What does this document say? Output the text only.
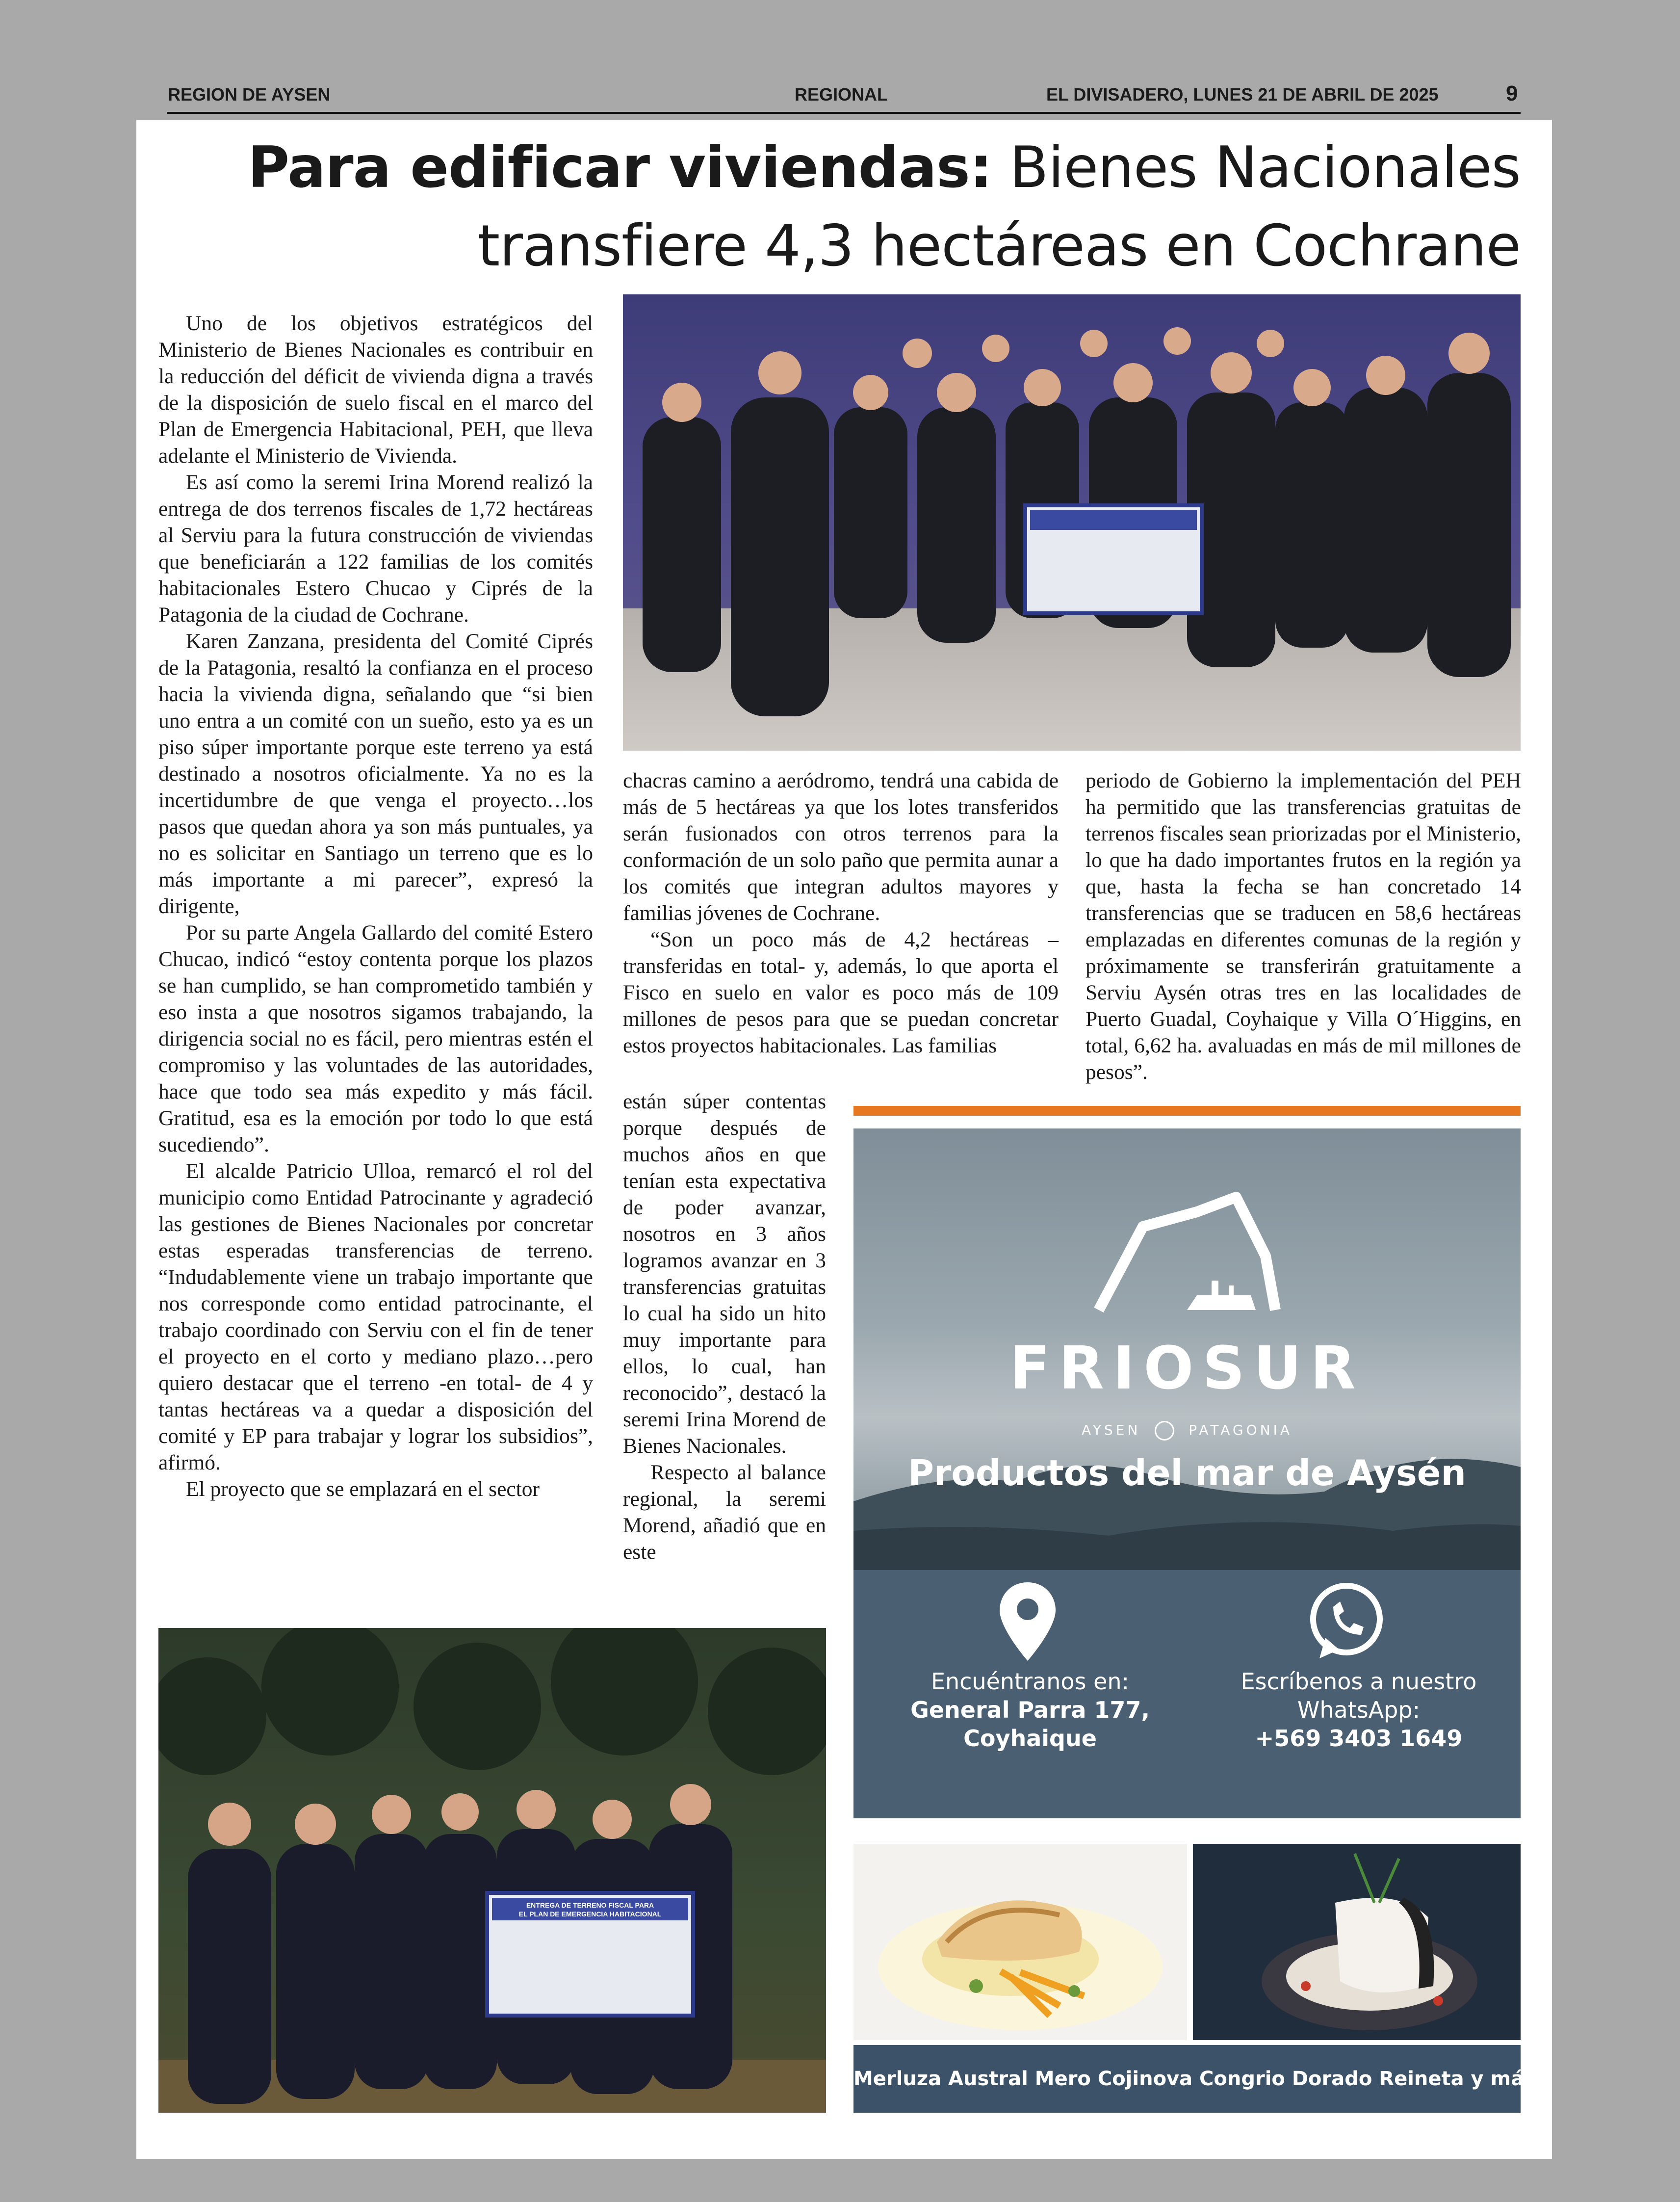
REGION DE AYSEN	REGIONAL	EL DIVISADERO, LUNES 21 DE ABRIL DE 2025	9
Para edificar viviendas: Bienes Nacionales
transfiere 4,3 hectáreas en Cochrane

Uno de los objetivos estratégicos del Ministerio de Bienes Nacionales es contribuir en la reducción del déficit de vivienda digna a través de la disposición de suelo fiscal en el marco del Plan de Emergencia Habitacional, PEH, que lleva adelante el Ministerio de Vivienda.

Es así como la seremi Irina Morend realizó la entrega de dos terrenos fiscales de 1,72 hectáreas al Serviu para la futura construcción de viviendas que beneficiarán a 122 familias de los comités habitacionales Estero Chucao y Ciprés de la Patagonia de la ciudad de Cochrane.

Karen Zanzana, presidenta del Comité Ciprés de la Patagonia, resaltó la confianza en el proceso hacia la vivienda digna, señalando que “si bien uno entra a un comité con un sueño, esto ya es un piso súper importante porque este terreno ya está destinado a nosotros oficialmente. Ya no es la incertidumbre de que venga el proyecto…los pasos que quedan ahora ya son más puntuales, ya no es solicitar en Santiago un terreno que es lo más importante a mi parecer”, expresó la dirigente,

Por su parte Angela Gallardo del comité Estero Chucao, indicó “estoy contenta porque los plazos se han cumplido, se han comprometido también y eso insta a que nosotros sigamos trabajando, la dirigencia social no es fácil, pero mientras estén el compromiso y las voluntades de las autoridades, hace que todo sea más expedito y más fácil. Gratitud, esa es la emoción por todo lo que está sucediendo”.

El alcalde Patricio Ulloa, remarcó el rol del municipio como Entidad Patrocinante y agradeció las gestiones de Bienes Nacionales por concretar estas esperadas transferencias de terreno. “Indudablemente viene un trabajo importante que nos corresponde como entidad patrocinante, el trabajo coordinado con Serviu con el fin de tener el proyecto en el corto y mediano plazo…pero quiero destacar que el terreno -en total- de 4 y tantas hectáreas va a quedar a disposición del comité y EP para trabajar y lograr los subsidios”, afirmó.

El proyecto que se emplazará en el sector

chacras camino a aeródromo, tendrá una cabida de más de 5 hectáreas ya que los lotes transferidos serán fusionados con otros terrenos para la conformación de un solo paño que permita aunar a los comités que integran adultos mayores y familias jóvenes de Cochrane.

“Son un poco más de 4,2 hectáreas –transferidas en total- y, además, lo que aporta el Fisco en suelo en valor es poco más de 109 millones de pesos para que se puedan concretar estos proyectos habitacionales. Las familias

están súper contentas porque después de muchos años en que tenían esta expectativa de poder avanzar, nosotros en 3 años logramos avanzar en 3 transferencias gratuitas lo cual ha sido un hito muy importante para ellos, lo cual, han reconocido”, destacó la seremi Irina Morend de Bienes Nacionales.

Respecto al balance regional, la seremi Morend, añadió que en este

periodo de Gobierno la implementación del PEH ha permitido que las transferencias gratuitas de terrenos fiscales sean priorizadas por el Ministerio, lo que ha dado importantes frutos en la región ya que, hasta la fecha se han concretado 14 transferencias que se traducen en 58,6 hectáreas emplazadas en diferentes comunas de la región y próximamente se transferirán gratuitamente a Serviu Aysén otras tres en las localidades de Puerto Guadal, Coyhaique y Villa O´Higgins, en total, 6,62 ha. avaluadas en más de mil millones de pesos”.

FRIOSUR
AYSEN	PATAGONIA
Productos del mar de Aysén
Encuéntranos en:
General Parra 177,
Coyhaique
Escríbenos a nuestro
WhatsApp:
+569 3403 1649
Merluza Austral Mero Cojinova Congrio Dorado Reineta y más
ENTREGA DE TERRENO FISCAL PARA
EL PLAN DE EMERGENCIA HABITACIONAL
